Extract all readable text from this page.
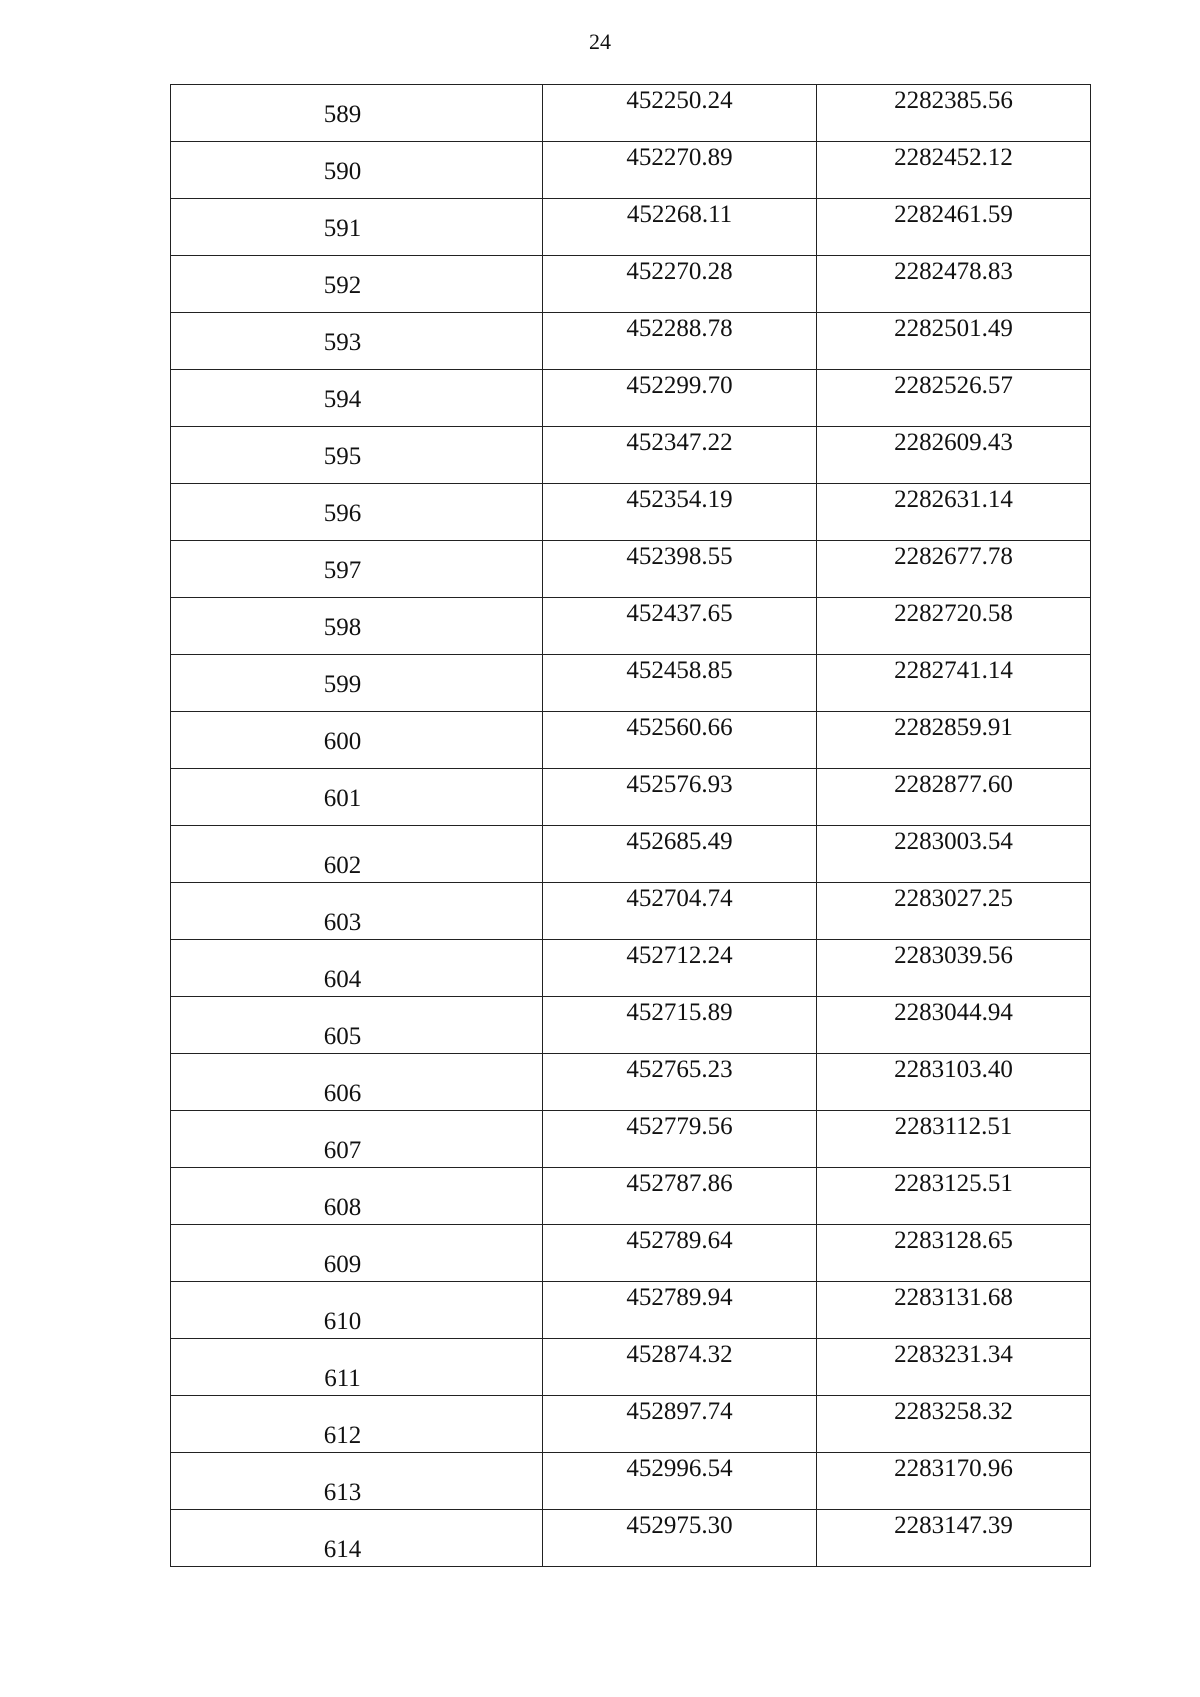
24
589	452250.24	2282385.56

590	452270.89	2282452.12

591	452268.11	2282461.59

592	452270.28	2282478.83

593	452288.78	2282501.49

594	452299.70	2282526.57

595	452347.22	2282609.43

596	452354.19	2282631.14

597	452398.55	2282677.78

598	452437.65	2282720.58

599	452458.85	2282741.14

600	452560.66	2282859.91

601	452576.93	2282877.60

602	452685.49	2283003.54

603	452704.74	2283027.25

604	452712.24	2283039.56

605	452715.89	2283044.94

606	452765.23	2283103.40

607	452779.56	2283112.51

608	452787.86	2283125.51

609	452789.64	2283128.65

610	452789.94	2283131.68

611	452874.32	2283231.34

612	452897.74	2283258.32

613	452996.54	2283170.96

614	452975.30	2283147.39
